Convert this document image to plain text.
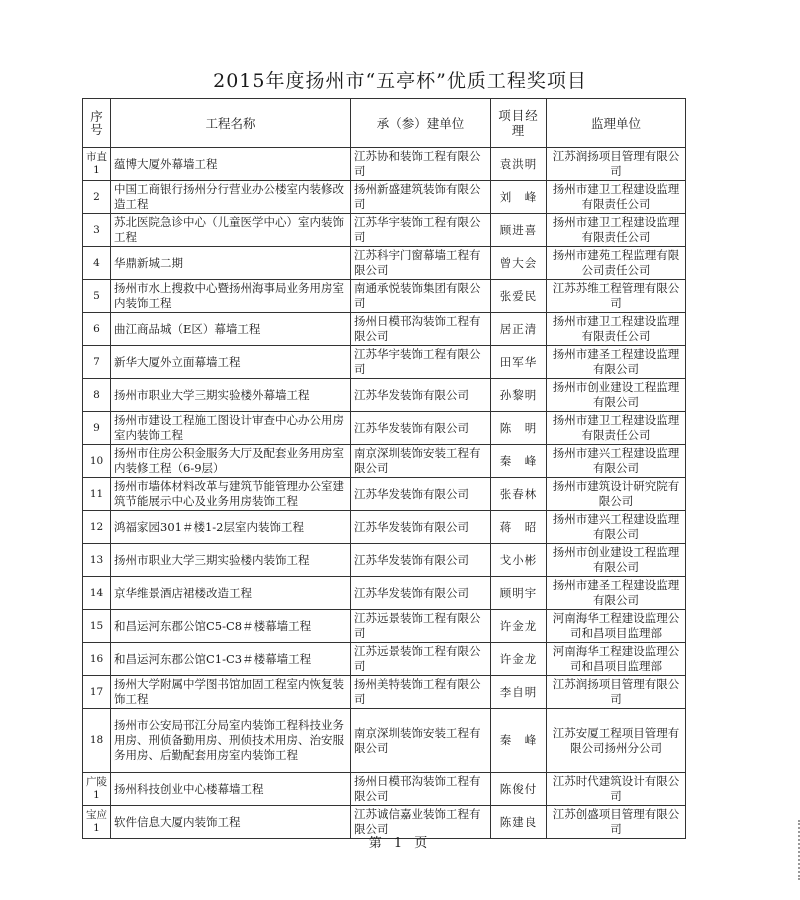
2015年度扬州市“五亭杯”优质工程奖项目
序号	工程名称	承（参）建单位	项目经理	监理单位
市直1	蕴博大厦外幕墙工程	江苏协和装饰工程有限公司	袁洪明	江苏润扬项目管理有限公司
2	中国工商银行扬州分行营业办公楼室内装修改造工程	扬州新盛建筑装饰有限公司	刘　峰	扬州市建卫工程建设监理有限责任公司
3	苏北医院急诊中心（儿童医学中心）室内装饰工程	江苏华宇装饰工程有限公司	顾进喜	扬州市建卫工程建设监理有限责任公司
4	华鼎新城二期	江苏科宇门窗幕墙工程有限公司	曾大会	扬州市建苑工程监理有限公司责任公司
5	扬州市水上搜救中心暨扬州海事局业务用房室内装饰工程	南通承悦装饰集团有限公司	张爱民	江苏苏维工程管理有限公司
6	曲江商品城（E区）幕墙工程	扬州日模邗沟装饰工程有限公司	居正清	扬州市建卫工程建设监理有限责任公司
7	新华大厦外立面幕墙工程	江苏华宇装饰工程有限公司	田军华	扬州市建圣工程建设监理有限公司
8	扬州市职业大学三期实验楼外幕墙工程	江苏华发装饰有限公司	孙黎明	扬州市创业建设工程监理有限公司
9	扬州市建设工程施工图设计审查中心办公用房室内装饰工程	江苏华发装饰有限公司	陈　明	扬州市建卫工程建设监理有限责任公司
10	扬州市住房公积金服务大厅及配套业务用房室内装修工程（6-9层）	南京深圳装饰安装工程有限公司	秦　峰	扬州市建兴工程建设监理有限公司
11	扬州市墙体材料改革与建筑节能管理办公室建筑节能展示中心及业务用房装饰工程	江苏华发装饰有限公司	张春林	扬州市建筑设计研究院有限公司
12	鸿福家园301＃楼1-2层室内装饰工程	江苏华发装饰有限公司	蒋　昭	扬州市建兴工程建设监理有限公司
13	扬州市职业大学三期实验楼内装饰工程	江苏华发装饰有限公司	戈小彬	扬州市创业建设工程监理有限公司
14	京华维景酒店裙楼改造工程	江苏华发装饰有限公司	顾明宇	扬州市建圣工程建设监理有限公司
15	和昌运河东郡公馆C5-C8＃楼幕墙工程	江苏远景装饰工程有限公司	许金龙	河南海华工程建设监理公司和昌项目监理部
16	和昌运河东郡公馆C1-C3＃楼幕墙工程	江苏远景装饰工程有限公司	许金龙	河南海华工程建设监理公司和昌项目监理部
17	扬州大学附属中学图书馆加固工程室内恢复装饰工程	扬州美特装饰工程有限公司	李自明	江苏润扬项目管理有限公司
18	扬州市公安局邗江分局室内装饰工程科技业务用房、刑侦备勤用房、刑侦技术用房、治安服务用房、后勤配套用房室内装饰工程	南京深圳装饰安装工程有限公司	秦　峰	江苏安厦工程项目管理有限公司扬州分公司
广陵1	扬州科技创业中心楼幕墙工程	扬州日模邗沟装饰工程有限公司	陈俊付	江苏时代建筑设计有限公司
宝应1	软件信息大厦内装饰工程	江苏诚信嘉业装饰工程有限公司	陈建良	江苏创盛项目管理有限公司
第 1 页
